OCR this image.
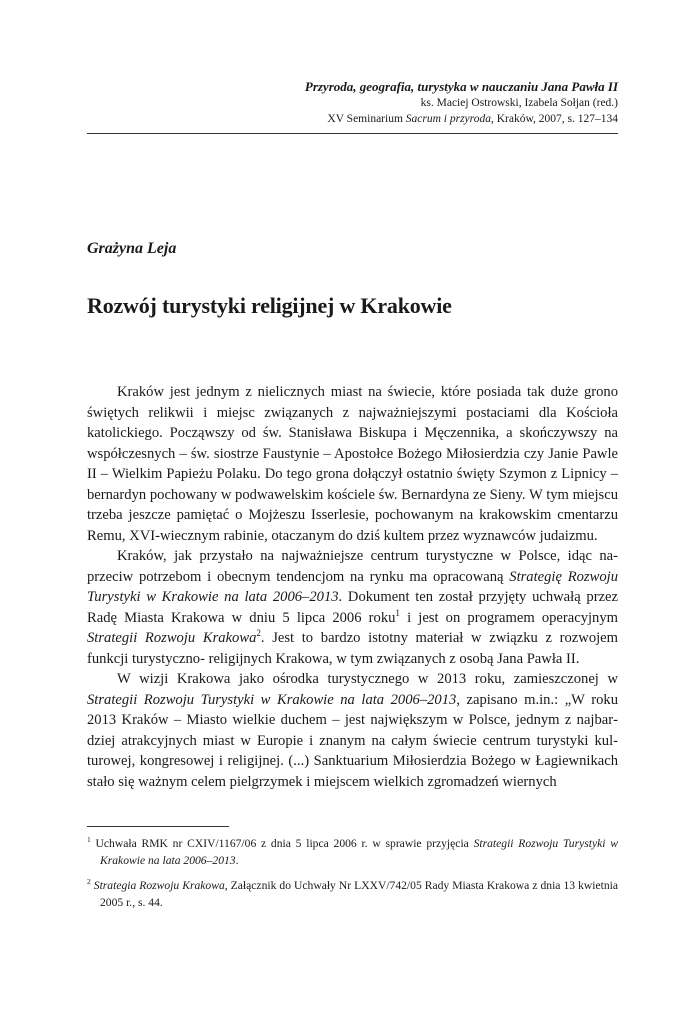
Przyroda, geografia, turystyka w nauczaniu Jana Pawła II
ks. Maciej Ostrowski, Izabela Sołjan (red.)
XV Seminarium Sacrum i przyroda, Kraków, 2007, s. 127–134
Grażyna Leja
Rozwój turystyki religijnej w Krakowie

Kraków jest jednym z nielicznych miast na świecie, które posiada tak duże grono świętych relikwii i miejsc związanych z najważniejszymi postaciami dla Kościoła katolickiego. Począwszy od św. Stanisława Biskupa i Męczennika, a skończywszy na współczesnych – św. siostrze Faustynie – Apostołce Bożego Miłosierdzia czy Janie Pawle II – Wielkim Papieżu Polaku. Do tego grona dołączył ostatnio święty Szymon z Lipnicy – bernardyn pochowany w podwawelskim kościele św. Bernardyna ze Sieny. W tym miejscu trzeba jeszcze pamiętać o Mojżeszu Isserlesie, pochowanym na krakowskim cmentarzu Remu, XVI-wiecznym rabinie, otaczanym do dziś kultem przez wyznawców judaizmu.

Kraków, jak przystało na najważniejsze centrum turystyczne w Polsce, idąc naprzeciw potrzebom i obecnym tendencjom na rynku ma opracowaną Strategię Rozwoju Turystyki w Krakowie na lata 2006–2013. Dokument ten został przyjęty uchwałą przez Radę Miasta Krakowa w dniu 5 lipca 2006 roku$^1$ i jest on programem operacyjnym Strategii Rozwoju Krakowa$^2$. Jest to bardzo istotny materiał w związku z rozwojem funkcji turystyczno- religijnych Krakowa, w tym związanych z osobą Jana Pawła II.

W wizji Krakowa jako ośrodka turystycznego w 2013 roku, zamieszczonej w Strategii Rozwoju Turystyki w Krakowie na lata 2006–2013, zapisano m.in.: „W roku 2013 Kraków – Miasto wielkie duchem – jest największym w Polsce, jednym z najbardziej atrakcyjnych miast w Europie i znanym na całym świecie centrum turystyki kulturowej, kongresowej i religijnej. (...) Sanktuarium Miłosierdzia Bożego w Łagiewnikach stało się ważnym celem pielgrzymek i miejscem wielkich zgromadzeń wiernych

$^1$ Uchwała RMK nr CXIV/1167/06 z dnia 5 lipca 2006 r. w sprawie przyjęcia Strategii Rozwoju Turystyki w Krakowie na lata 2006–2013.

$^2$ Strategia Rozwoju Krakowa, Załącznik do Uchwały Nr LXXV/742/05 Rady Miasta Krakowa z dnia 13 kwietnia 2005 r., s. 44.
